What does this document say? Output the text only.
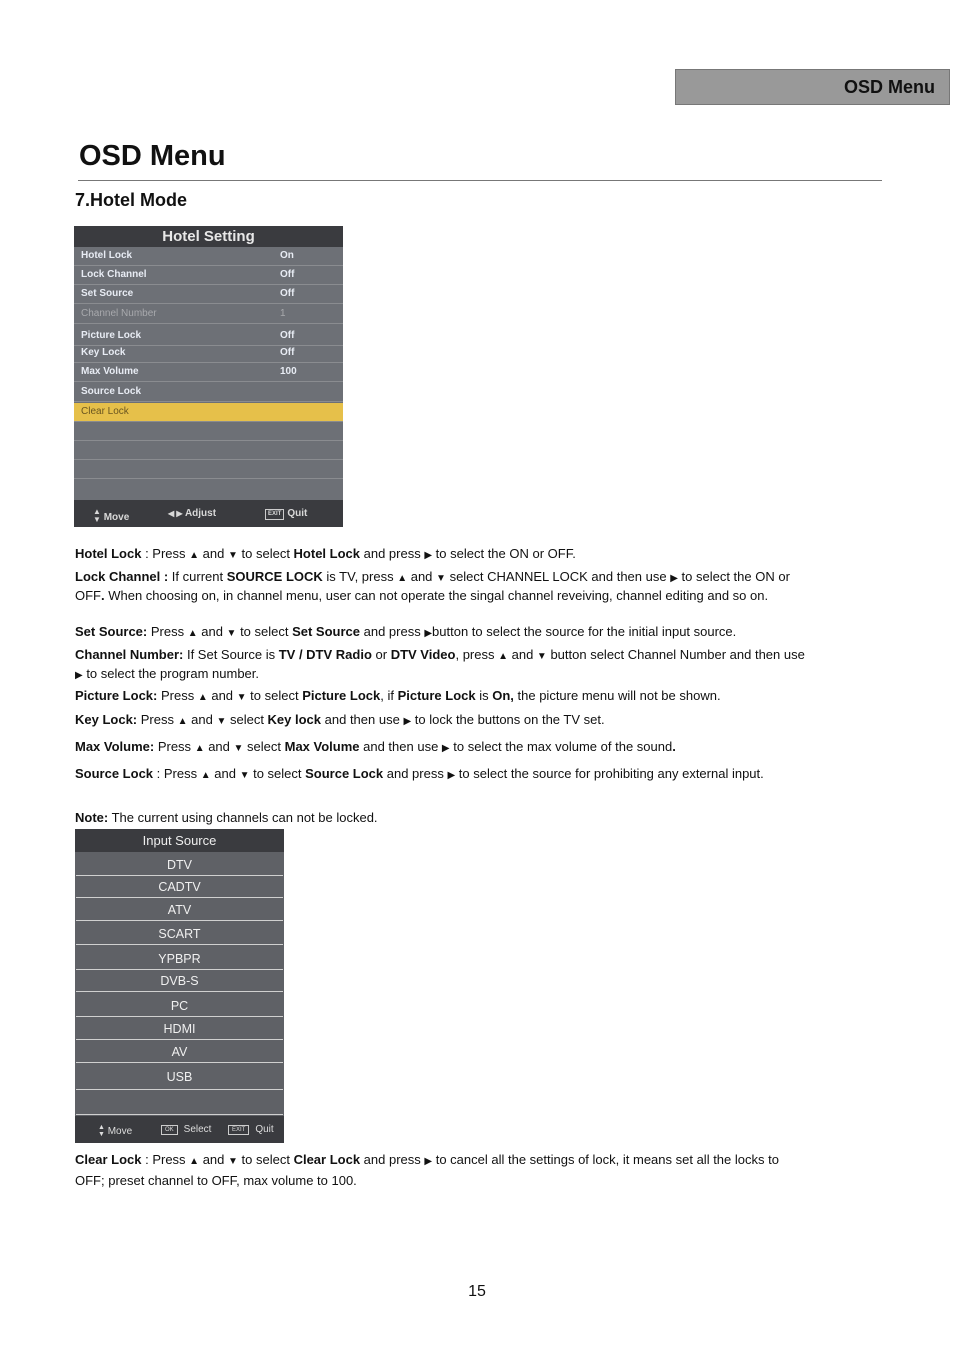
OSD Menu
OSD Menu
7.Hotel Mode
Hotel Setting
Hotel Lock	On
Lock Channel	Off
Set Source	Off
Channel Number	1
Picture Lock	Off
Key Lock	Off
Max Volume	100
Source Lock
Clear Lock
▲
▼ Move	◀ ▶ Adjust	EXIT Quit

Hotel Lock : Press ▲ and ▼ to select Hotel Lock and press ▶ to select the ON or OFF.

Lock Channel : If current SOURCE LOCK is TV, press ▲ and ▼ select CHANNEL LOCK and then use ▶ to select the ON or OFF. When choosing on, in channel menu, user can not operate the singal channel reveiving, channel editing and so on.

Set Source: Press ▲ and ▼ to select Set Source and press ▶button to select the source for the initial input source.

Channel Number: If Set Source is TV / DTV Radio or DTV Video, press ▲ and ▼ button select Channel Number and then use ▶ to select the program number.

Picture Lock: Press ▲ and ▼ to select Picture Lock, if Picture Lock is On, the picture menu will not be shown.

Key Lock: Press ▲ and ▼ select Key lock and then use ▶ to lock the buttons on the TV set.

Max Volume: Press ▲ and ▼ select Max Volume and then use ▶ to select the max volume of the sound.

Source Lock : Press ▲ and ▼ to select Source Lock and press ▶ to select the source for prohibiting any external input.

Note: The current using channels can not be locked.

Input Source
DTV
CADTV
ATV
SCART
YPBPR
DVB-S
PC
HDMI
AV
USB
▲
▼ Move	OK Select	EXIT Quit

Clear Lock : Press ▲ and ▼ to select Clear Lock and press ▶ to cancel all the settings of lock, it means set all the locks to OFF; preset channel to OFF, max volume to 100.

15
